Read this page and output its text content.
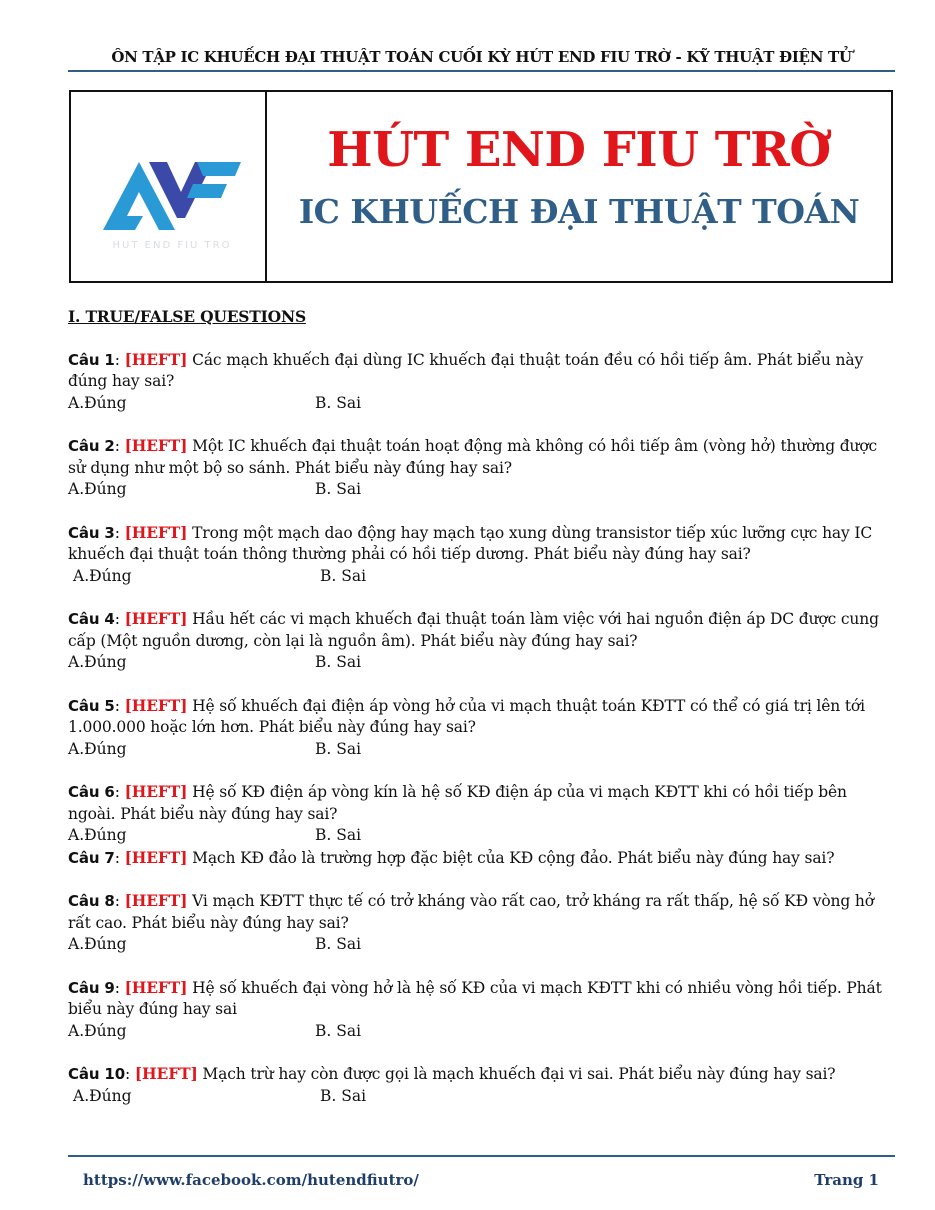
ÔN TẬP IC KHUẾCH ĐẠI THUẬT TOÁN CUỐI KỲ HÚT END FIU TRỜ - KỸ THUẬT ĐIỆN TỬ
HUT END FIU TRO
HÚT END FIU TRỜ
IC KHUẾCH ĐẠI THUẬT TOÁN
I. TRUE/FALSE QUESTIONS
Câu 1: [HEFT] Các mạch khuếch đại dùng IC khuếch đại thuật toán đều có hồi tiếp âm. Phát biểu này đúng hay sai?
A.Đúng	B. Sai
Câu 2: [HEFT] Một IC khuếch đại thuật toán hoạt động mà không có hồi tiếp âm (vòng hở) thường được sử dụng như một bộ so sánh. Phát biểu này đúng hay sai?
A.Đúng	B. Sai
Câu 3: [HEFT] Trong một mạch dao động hay mạch tạo xung dùng transistor tiếp xúc lưỡng cực hay IC khuếch đại thuật toán thông thường phải có hồi tiếp dương. Phát biểu này đúng hay sai?
A.Đúng	B. Sai
Câu 4: [HEFT] Hầu hết các vi mạch khuếch đại thuật toán làm việc với hai nguồn điện áp DC được cung cấp (Một nguồn dương, còn lại là nguồn âm). Phát biểu này đúng hay sai?
A.Đúng	B. Sai
Câu 5: [HEFT] Hệ số khuếch đại điện áp vòng hở của vi mạch thuật toán KĐTT có thể có giá trị lên tới 1.000.000 hoặc lớn hơn. Phát biểu này đúng hay sai?
A.Đúng	B. Sai
Câu 6: [HEFT] Hệ số KĐ điện áp vòng kín là hệ số KĐ điện áp của vi mạch KĐTT khi có hồi tiếp bên ngoài. Phát biểu này đúng hay sai?
A.Đúng	B. Sai
Câu 7: [HEFT] Mạch KĐ đảo là trường hợp đặc biệt của KĐ cộng đảo. Phát biểu này đúng hay sai?
Câu 8: [HEFT] Vi mạch KĐTT thực tế có trở kháng vào rất cao, trở kháng ra rất thấp, hệ số KĐ vòng hở rất cao. Phát biểu này đúng hay sai?
A.Đúng	B. Sai
Câu 9: [HEFT] Hệ số khuếch đại vòng hở là hệ số KĐ của vi mạch KĐTT khi có nhiều vòng hồi tiếp. Phát biểu này đúng hay sai
A.Đúng	B. Sai
Câu 10: [HEFT] Mạch trừ hay còn được gọi là mạch khuếch đại vi sai. Phát biểu này đúng hay sai?
A.Đúng	B. Sai
https://www.facebook.com/hutendfiutro/	Trang 1
